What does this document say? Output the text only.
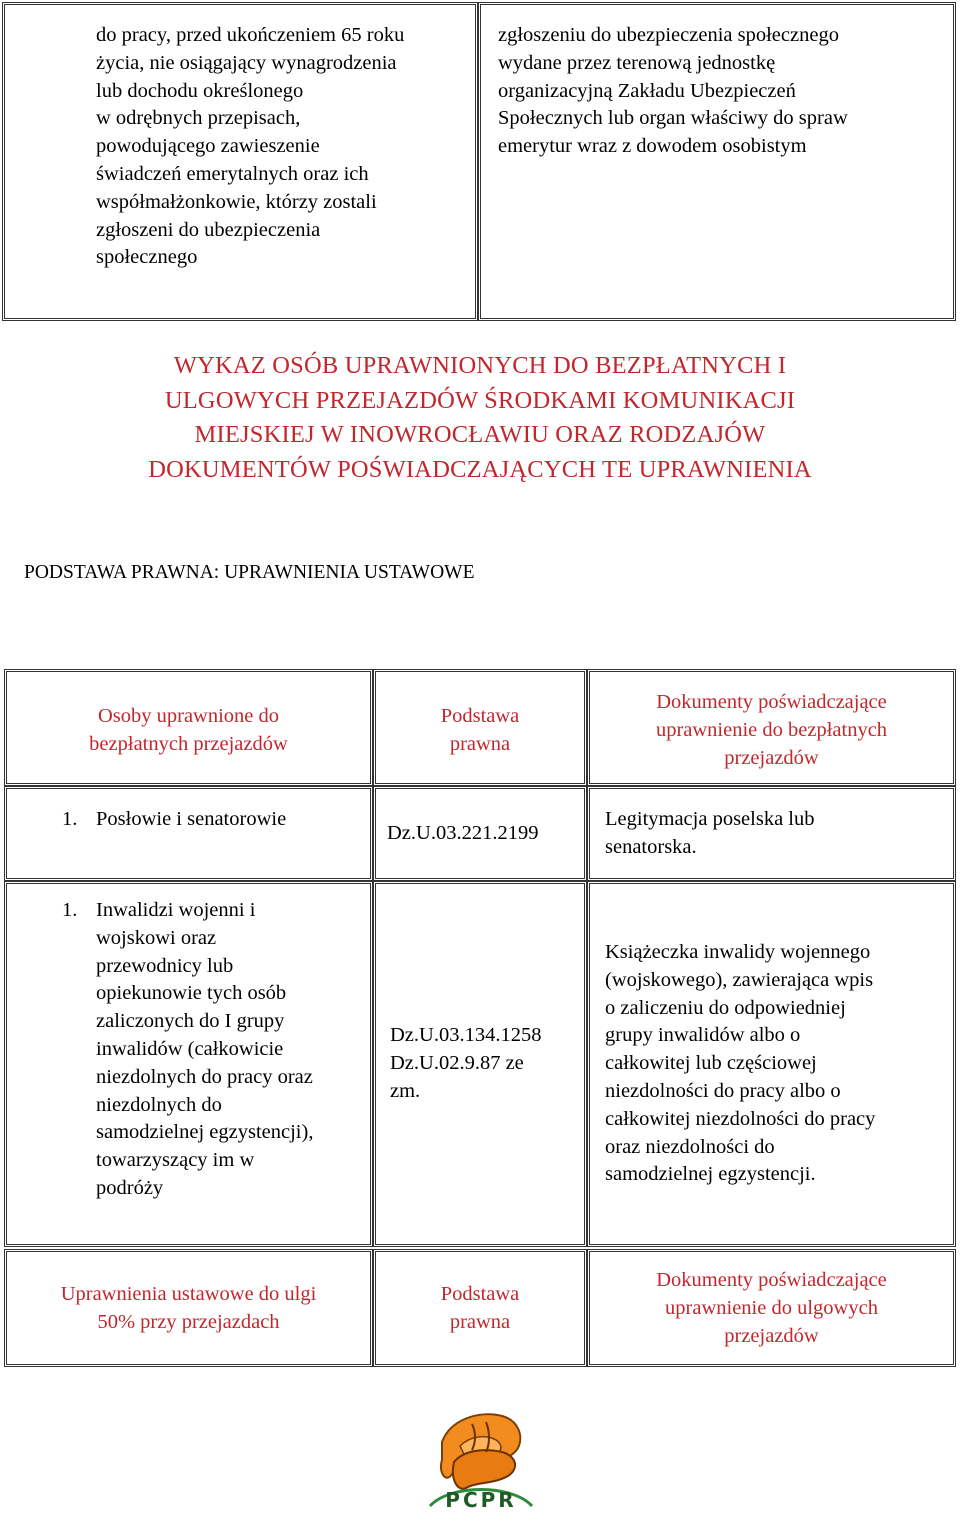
do pracy, przed ukończeniem 65 roku
życia, nie osiągający wynagrodzenia
lub dochodu określonego
w odrębnych przepisach,
powodującego zawieszenie
świadczeń emerytalnych oraz ich
współmałżonkowie, którzy zostali
zgłoszeni do ubezpieczenia
społecznego
zgłoszeniu do ubezpieczenia społecznego
wydane przez terenową jednostkę
organizacyjną Zakładu Ubezpieczeń
Społecznych lub organ właściwy do spraw
emerytur wraz z dowodem osobistym
WYKAZ OSÓB UPRAWNIONYCH DO BEZPŁATNYCH I
ULGOWYCH PRZEJAZDÓW ŚRODKAMI KOMUNIKACJI
MIEJSKIEJ W INOWROCŁAWIU ORAZ RODZAJÓW
DOKUMENTÓW POŚWIADCZAJĄCYCH TE UPRAWNIENIA
PODSTAWA PRAWNA: UPRAWNIENIA USTAWOWE
Osoby uprawnione do
bezpłatnych przejazdów
Podstawa
prawna
Dokumenty poświadczające
uprawnienie do bezpłatnych
przejazdów
1. Posłowie i senatorowie
Dz.U.03.221.2199
Legitymacja poselska lub
senatorska.
1. Inwalidzi wojenni i
wojskowi oraz
przewodnicy lub
opiekunowie tych osób
zaliczonych do I grupy
inwalidów (całkowicie
niezdolnych do pracy oraz
niezdolnych do
samodzielnej egzystencji),
towarzyszący im w
podróży
Dz.U.03.134.1258
Dz.U.02.9.87 ze
zm.
Książeczka inwalidy wojennego
(wojskowego), zawierająca wpis
o zaliczeniu do odpowiedniej
grupy inwalidów albo o
całkowitej lub częściowej
niezdolności do pracy albo o
całkowitej niezdolności do pracy
oraz niezdolności do
samodzielnej egzystencji.
Uprawnienia ustawowe do ulgi
50% przy przejazdach
Podstawa
prawna
Dokumenty poświadczające
uprawnienie do ulgowych
przejazdów
PCPR
